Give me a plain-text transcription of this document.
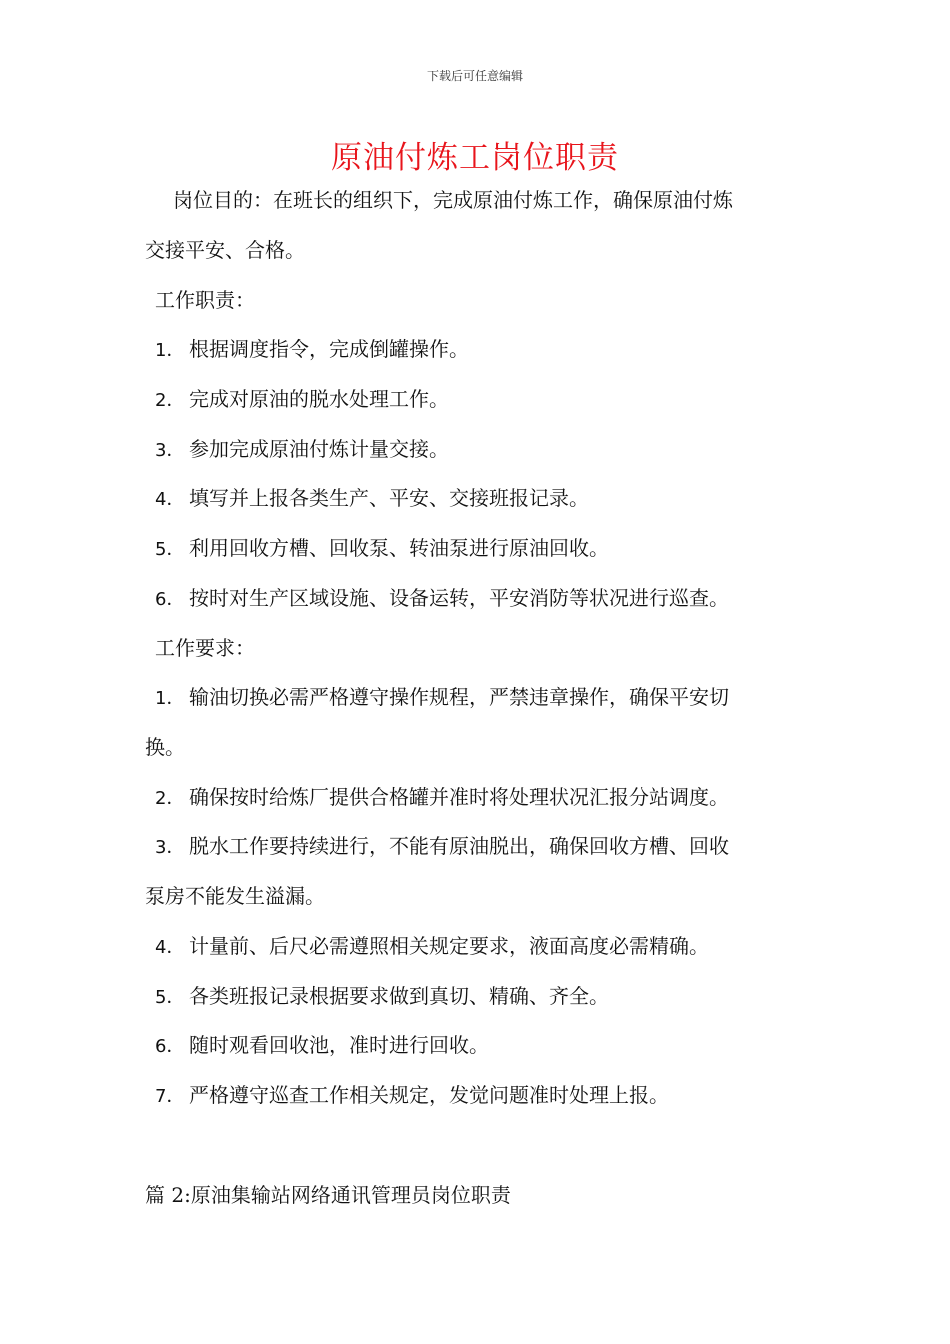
下载后可任意编辑
原油付炼工岗位职责
岗位目的：在班长的组织下，完成原油付炼工作，确保原油付炼
交接平安、合格。
工作职责：
1． 根据调度指令，完成倒罐操作。
2． 完成对原油的脱水处理工作。
3． 参加完成原油付炼计量交接。
4． 填写并上报各类生产、平安、交接班报记录。
5． 利用回收方槽、回收泵、转油泵进行原油回收。
6． 按时对生产区域设施、设备运转，平安消防等状况进行巡查。
工作要求：
1． 输油切换必需严格遵守操作规程，严禁违章操作，确保平安切
换。
2． 确保按时给炼厂提供合格罐并准时将处理状况汇报分站调度。
3． 脱水工作要持续进行，不能有原油脱出，确保回收方槽、回收
泵房不能发生溢漏。
4． 计量前、后尺必需遵照相关规定要求，液面高度必需精确。
5． 各类班报记录根据要求做到真切、精确、齐全。
6． 随时观看回收池，准时进行回收。
7． 严格遵守巡查工作相关规定，发觉问题准时处理上报。
篇 2:原油集输站网络通讯管理员岗位职责
